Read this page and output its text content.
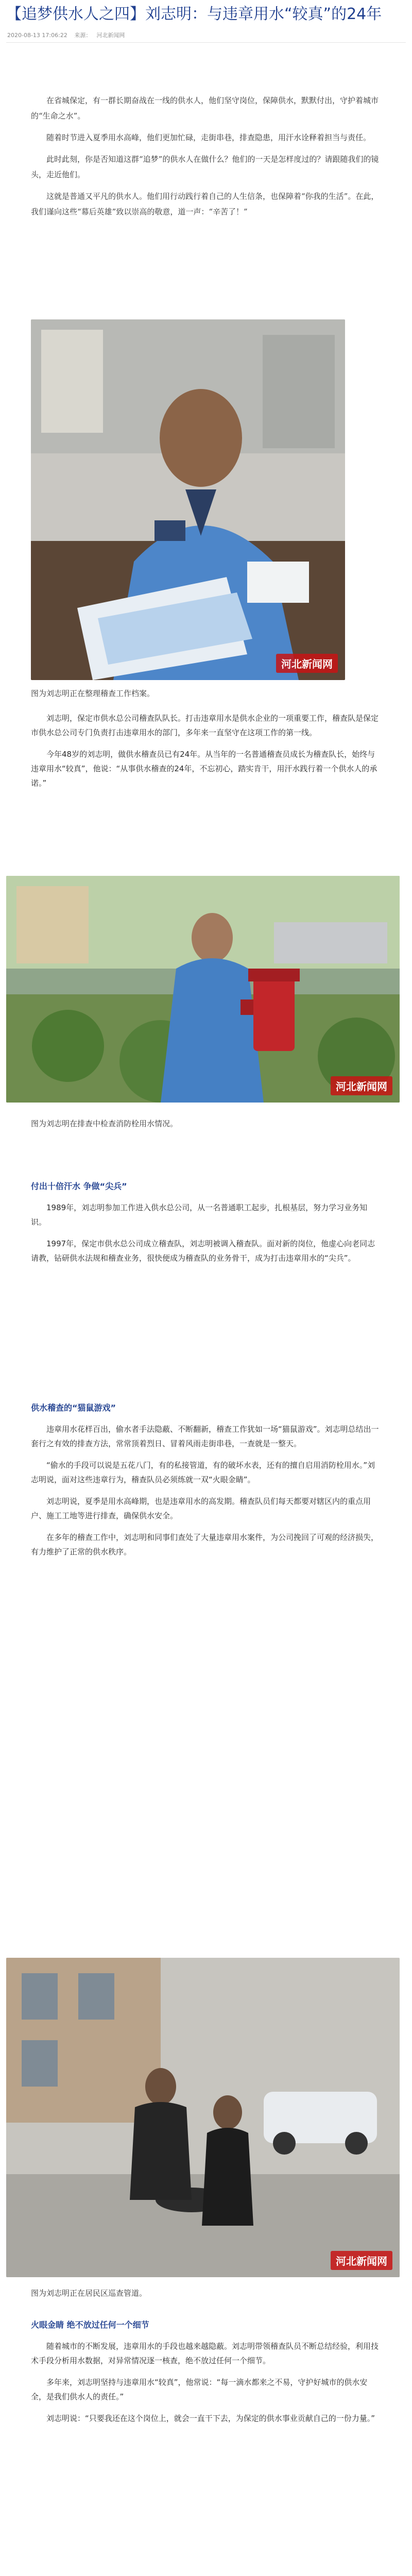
【追梦供水人之四】刘志明：与违章用水“较真”的24年
2020-08-13 17:06:22 来源： 河北新闻网

在省城保定，有一群长期奋战在一线的供水人，他们坚守岗位，保障供水，默默付出，守护着城市的“生命之水”。

随着时节进入夏季用水高峰，他们更加忙碌，走街串巷，排查隐患，用汗水诠释着担当与责任。

此时此刻，你是否知道这群“追梦”的供水人在做什么？他们的一天是怎样度过的？请跟随我们的镜头，走近他们。

这就是普通又平凡的供水人。他们用行动践行着自己的人生信条，也保障着“你我的生活”。在此，我们谨向这些“幕后英雄”致以崇高的敬意，道一声：“辛苦了！”

河北新闻网
图为刘志明正在整理稽查工作档案。

刘志明，保定市供水总公司稽查队队长。打击违章用水是供水企业的一项重要工作，稽查队是保定市供水总公司专门负责打击违章用水的部门，多年来一直坚守在这项工作的第一线。

今年48岁的刘志明，做供水稽查员已有24年。从当年的一名普通稽查员成长为稽查队长，始终与违章用水“较真”，他说：“从事供水稽查的24年，不忘初心，踏实肯干，用汗水践行着一个供水人的承诺。”

河北新闻网
图为刘志明在排查中检查消防栓用水情况。
付出十倍汗水 争做“尖兵”

1989年，刘志明参加工作进入供水总公司，从一名普通职工起步，扎根基层，努力学习业务知识。

1997年，保定市供水总公司成立稽查队，刘志明被调入稽查队。面对新的岗位，他虚心向老同志请教，钻研供水法规和稽查业务，很快便成为稽查队的业务骨干，成为打击违章用水的“尖兵”。

供水稽查的“猫鼠游戏”

违章用水花样百出，偷水者手法隐蔽、不断翻新，稽查工作犹如一场“猫鼠游戏”。刘志明总结出一套行之有效的排查方法，常常顶着烈日、冒着风雨走街串巷，一查就是一整天。

“偷水的手段可以说是五花八门，有的私接管道，有的破坏水表，还有的擅自启用消防栓用水。”刘志明说，面对这些违章行为，稽查队员必须练就一双“火眼金睛”。

刘志明说，夏季是用水高峰期，也是违章用水的高发期。稽查队员们每天都要对辖区内的重点用户、施工工地等进行排查，确保供水安全。

在多年的稽查工作中，刘志明和同事们查处了大量违章用水案件，为公司挽回了可观的经济损失，有力维护了正常的供水秩序。

河北新闻网
图为刘志明正在居民区巡查管道。
火眼金睛 绝不放过任何一个细节

随着城市的不断发展，违章用水的手段也越来越隐蔽。刘志明带领稽查队员不断总结经验，利用技术手段分析用水数据，对异常情况逐一核查，绝不放过任何一个细节。

多年来，刘志明坚持与违章用水“较真”，他常说：“每一滴水都来之不易，守护好城市的供水安全，是我们供水人的责任。”

刘志明说：“只要我还在这个岗位上，就会一直干下去，为保定的供水事业贡献自己的一份力量。”
